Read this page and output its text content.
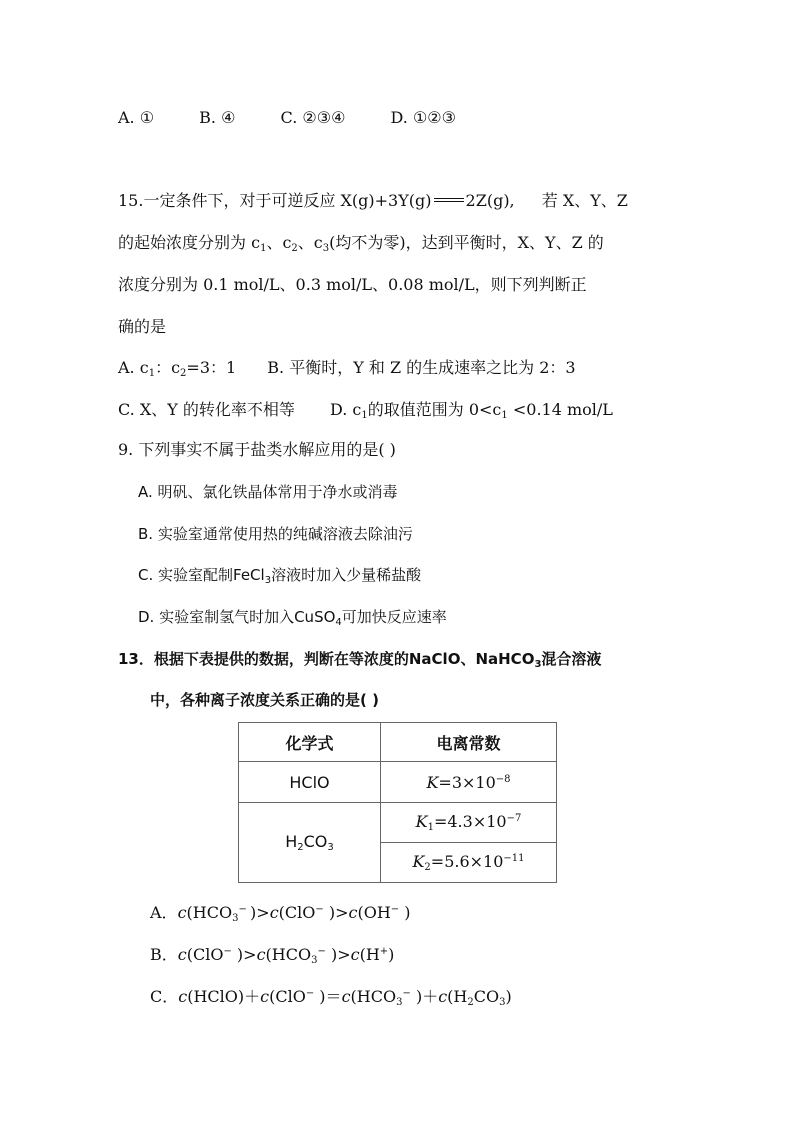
A. ①	B. ④	C. ②③④	D. ①②③
15.一定条件下，对于可逆反应 X(g)+3Y(g) 2Z(g), 若 X、Y、Z
的起始浓度分别为 $c_1$、$c_2$、$c_3$(均不为零)，达到平衡时，X、Y、Z 的
浓度分别为 0.1 mol/L、0.3 mol/L、0.08 mol/L，则下列判断正
确的是
A. $c_1$：$c_2=3$：1 B. 平衡时，Y 和 Z 的生成速率之比为 2：3
C. X、Y 的转化率不相等 D. $c_1$的取值范围为 $0<c_1 <0.14$ mol/L
9. 下列事实不属于盐类水解应用的是( )
A. 明矾、氯化铁晶体常用于净水或消毒
B. 实验室通常使用热的纯碱溶液去除油污
C. 实验室配制FeCl$_3$溶液时加入少量稀盐酸
D. 实验室制氢气时加入CuSO$_4$可加快反应速率
13．根据下表提供的数据，判断在等浓度的NaClO、NaHCO$_3$混合溶液
中，各种离子浓度关系正确的是( )
化学式	电离常数
HClO	$K=3\times 10^{-8}$
$H_2CO_3$	$K_1=4.3\times 10^{-7}$
	$K_2=5.6\times 10^{-11}$
A．$c(HCO_3^-$ )>c(ClO− )>c(OH− )
B．c(ClO− )$>c(HCO_3^-$ )>c(H+)
C．c(HClO)＋c(ClO− )$=c(HCO_3^-$ )$+c(H_2CO_3)$
